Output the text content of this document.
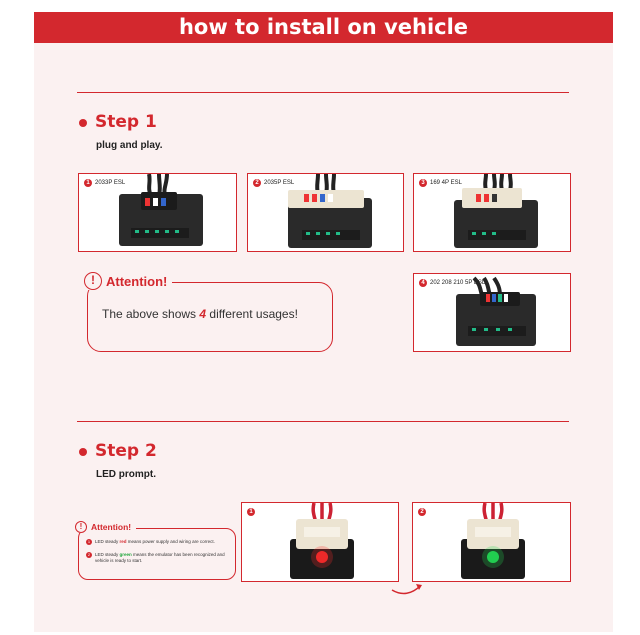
how to install on vehicle
Step 1
plug and play.
1 2033P ESL	2 2035P ESL	3 169 4P ESL
4 202 208 210 5P ESL
! Attention!
The above shows 4 different usages!
Step 2
LED prompt.
!	Attention!
1	LED steady red means power supply and wiring are correct.
2	LED steady green means the emulator has been recognized and vehicle is ready to start.
1	2
